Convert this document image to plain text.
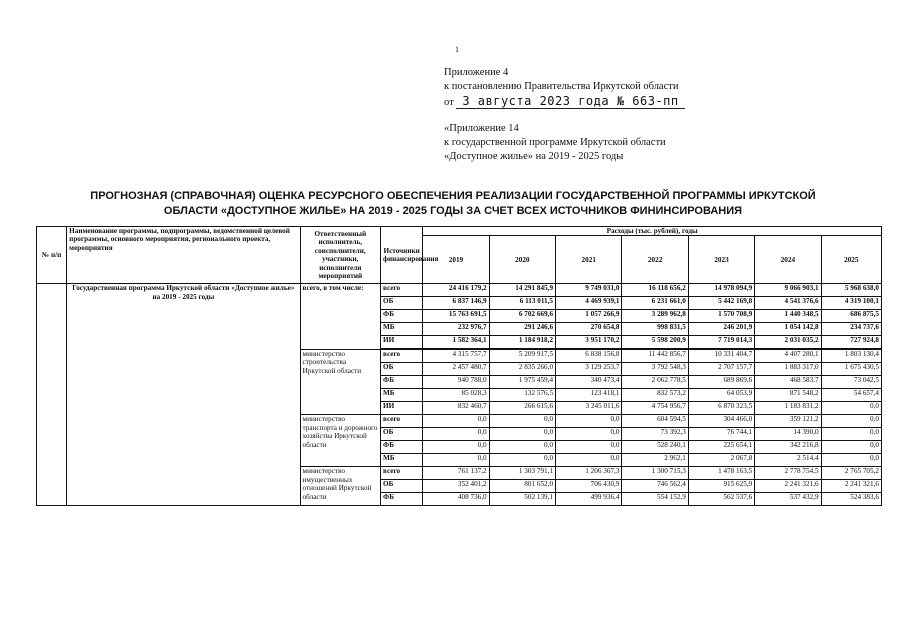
1
Приложение 4
к постановлению Правительства Иркутской области
от 3 августа 2023 года № 663-пп
«Приложение 14
к государственной программе Иркутской области
«Доступное жилье» на 2019 - 2025 годы
ПРОГНОЗНАЯ (СПРАВОЧНАЯ) ОЦЕНКА РЕСУРСНОГО ОБЕСПЕЧЕНИЯ РЕАЛИЗАЦИИ ГОСУДАРСТВЕННОЙ ПРОГРАММЫ ИРКУТСКОЙ
ОБЛАСТИ «ДОСТУПНОЕ ЖИЛЬЕ» НА 2019 - 2025 ГОДЫ ЗА СЧЕТ ВСЕХ ИСТОЧНИКОВ ФИНИНСИРОВАНИЯ
№ п/п	Наименование программы, подпрограммы, ведомственной целевой программы, основного мероприятия, регионального проекта, мероприятия	Ответственный исполнитель, соисполнители, участники, исполнители мероприятий	Источники финансирования	Расходы (тыс. рублей), годы						
				2019	2020	2021	2022	2023	2024	2025
	Государственная программа Иркутской области «Доступное жилье» на 2019 - 2025 годы	всего, в том числе:	всего	24 416 179,2	14 291 845,9	9 749 031,0	16 118 656,2	14 978 094,9	9 066 903,1	5 968 638,0
			ОБ	6 837 146,9	6 113 011,5	4 469 939,1	6 231 661,0	5 442 169,8	4 541 376,6	4 319 100,1
			ФБ	15 763 691,5	6 702 669,6	1 057 266,9	3 289 962,8	1 570 708,9	1 440 348,5	686 875,5
			МБ	232 976,7	291 246,6	270 654,8	998 831,5	246 201,9	1 054 142,8	234 737,6
			ИИ	1 582 364,1	1 184 918,2	3 951 170,2	5 598 200,9	7 719 014,3	2 031 035,2	727 924,8
		министерство строительства Иркутской области	всего	4 315 757,7	5 209 917,5	6 838 156,8	11 442 856,7	10 331 404,7	4 407 280,1	1 803 130,4
			ОБ	2 457 480,7	2 835 266,0	3 129 253,7	3 792 548,3	2 707 157,7	1 883 317,0	1 675 430,5
			ФБ	940 788,0	1 975 459,4	340 473,4	2 062 778,5	689 869,6	468 583,7	73 042,5
			МБ	85 028,3	132 576,5	123 418,1	832 573,2	64 053,9	871 548,2	54 657,4
			ИИ	832 460,7	266 615,6	3 245 011,6	4 754 956,7	6 870 323,5	1 183 831,2	0,0
		министерство транспорта и дорожного хозяйства Иркутской области	всего	0,0	0,0	0,0	604 594,5	304 466,0	359 121,2	0,0
			ОБ	0,0	0,0	0,0	73 392,3	76 744,1	14 390,0	0,0
			ФБ	0,0	0,0	0,0	528 240,1	225 654,1	342 216,8	0,0
			МБ	0,0	0,0	0,0	2 962,1	2 067,8	2 514,4	0,0
		министерство имущественных отношений Иркутской области	всего	761 137,2	1 303 791,1	1 206 367,3	1 300 715,3	1 478 163,5	2 778 754,5	2 765 705,2
			ОБ	352 401,2	801 652,0	706 430,9	746 562,4	915 625,9	2 241 321,6	2 241 321,6
			ФБ	408 736,0	502 139,1	499 936,4	554 152,9	562 537,6	537 432,9	524 383,6
